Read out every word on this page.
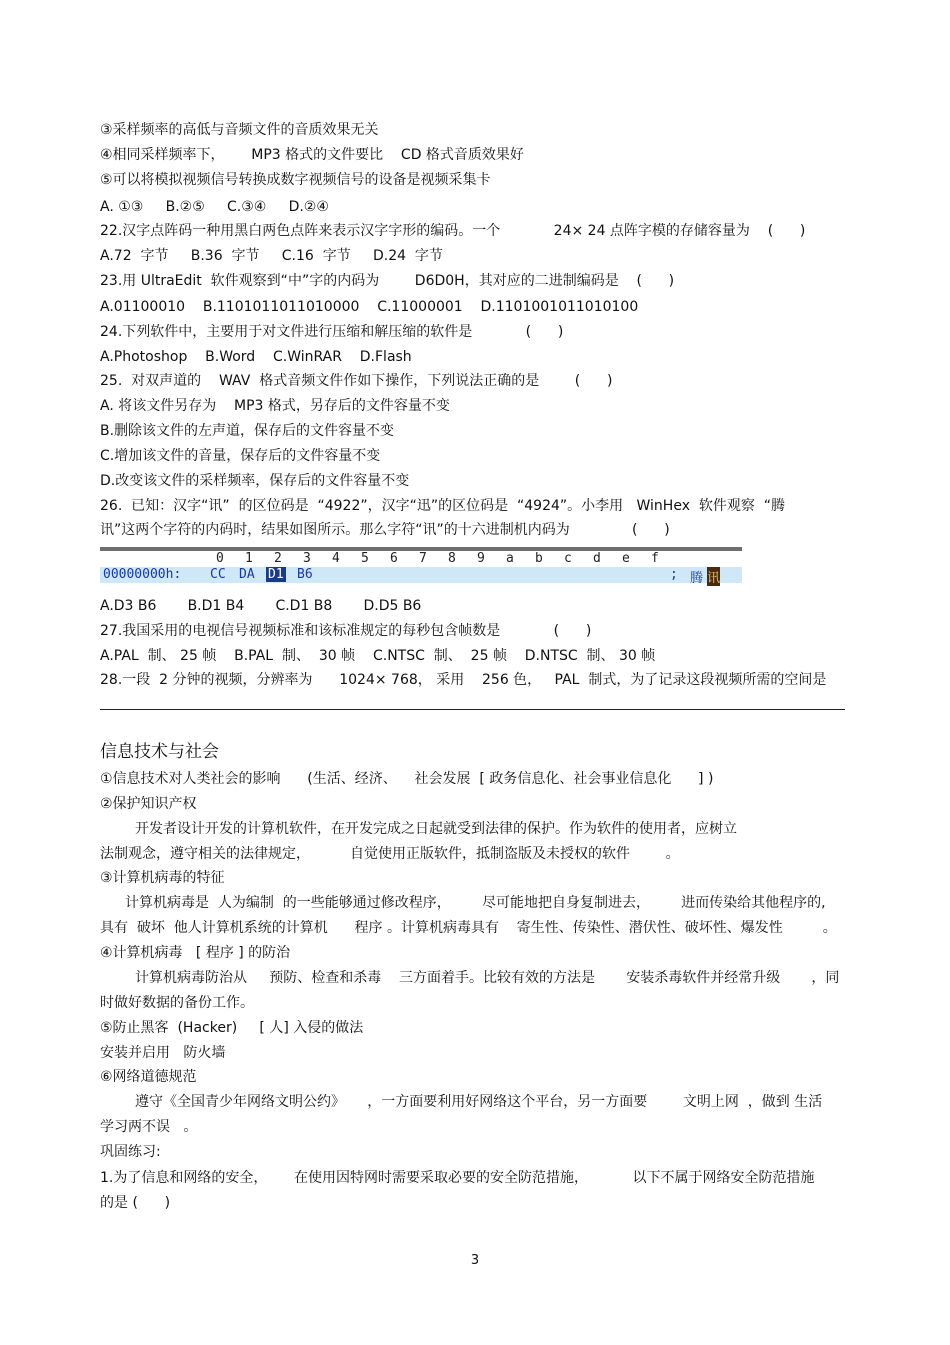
③采样频率的高低与音频文件的音质效果无关
④相同采样频率下，      MP3 格式的文件要比    CD 格式音质效果好
⑤可以将模拟视频信号转换成数字视频信号的设备是视频采集卡
A. ①③     B.②⑤     C.③④     D.②④
22.汉字点阵码一种用黑白两色点阵来表示汉字字形的编码。一个            24× 24 点阵字模的存储容量为    (      )
A.72  字节     B.36  字节     C.16  字节     D.24  字节
23.用 UltraEdit  软件观察到“中”字的内码为        D6D0H，其对应的二进制编码是    (      )
A.01100010    B.1101011011010000    C.11000001    D.1101001011010100
24.下列软件中，主要用于对文件进行压缩和解压缩的软件是            (      )
A.Photoshop    B.Word    C.WinRAR    D.Flash
25.  对双声道的    WAV  格式音频文件作如下操作，下列说法正确的是        (      )
A. 将该文件另存为    MP3 格式，另存后的文件容量不变
B.删除该文件的左声道，保存后的文件容量不变
C.增加该文件的音量，保存后的文件容量不变
D.改变该文件的采样频率，保存后的文件容量不变
26.  已知：汉字“讯”  的区位码是  “4922”，汉字“迅”的区位码是  “4924”。小李用   WinHex  软件观察  “腾
讯”这两个字符的内码时，结果如图所示。那么字符“讯”的十六进制机内码为              (      )
0 1 2 3 4 5 6 7 8 9 a b c d e f
00000000h: CC DA D1 B6	; 腾 讯
A.D3 B6       B.D1 B4       C.D1 B8       D.D5 B6
27.我国采用的电视信号视频标准和该标准规定的每秒包含帧数是            (      )
A.PAL  制、 25 帧    B.PAL  制、  30 帧    C.NTSC  制、  25 帧    D.NTSC  制、 30 帧
28.一段  2 分钟的视频，分辨率为      1024× 768， 采用    256 色，   PAL  制式，为了记录这段视频所需的空间是
信息技术与社会
①信息技术对人类社会的影响      (生活、经济、    社会发展  [ 政务信息化、社会事业信息化      ] )
②保护知识产权
开发者设计开发的计算机软件，在开发完成之日起就受到法律的保护。作为软件的使用者，应树立
法制观念，遵守相关的法律规定，         自觉使用正版软件，抵制盗版及未授权的软件        。
③计算机病毒的特征
计算机病毒是  人为编制  的一些能够通过修改程序，       尽可能地把自身复制进去，       进而传染给其他程序的,
具有  破坏  他人计算机系统的计算机      程序 。计算机病毒具有    寄生性、传染性、潜伏性、破坏性、爆发性         。
④计算机病毒   [ 程序 ] 的防治
计算机病毒防治从     预防、检查和杀毒    三方面着手。比较有效的方法是       安装杀毒软件并经常升级       ，同
时做好数据的备份工作。
⑤防止黑客  (Hacker)     [ 人] 入侵的做法
安装并启用   防火墙
⑥网络道德规范
遵守《全国青少年网络文明公约》     ，一方面要利用好网络这个平台，另一方面要        文明上网  ，做到 生活
学习两不误   。
巩固练习:
1.为了信息和网络的安全，      在使用因特网时需要采取必要的安全防范措施，          以下不属于网络安全防范措施
的是 (      )
3
